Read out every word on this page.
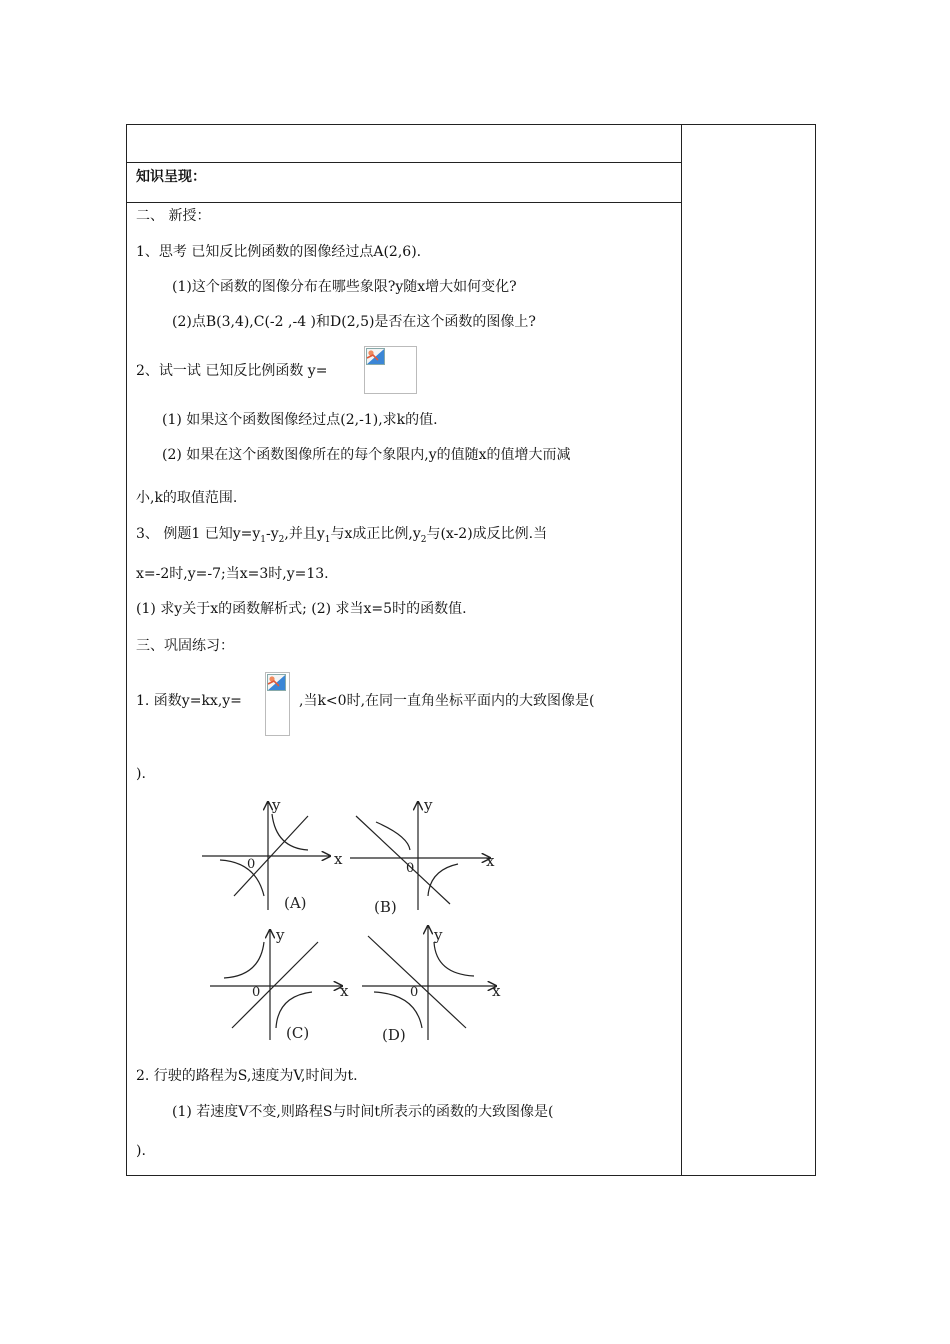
知识呈现：
二、 新授：
1、思考 已知反比例函数的图像经过点A(2,6).
(1)这个函数的图像分布在哪些象限?y随x增大如何变化?
(2)点B(3,4),C(-2 ,-4 )和D(2,5)是否在这个函数的图像上?
2、试一试 已知反比例函数 y=
(1) 如果这个函数图像经过点(2,-1),求k的值.
(2) 如果在这个函数图像所在的每个象限内,y的值随x的值增大而减
小,k的取值范围.
3、 例题1 已知$y=y_1-y_2$,并且$y_1$与x成正比例$,y_2$与(x-2)成反比例.当
x=-2时,y=-7;当x=3时,y=13.
(1) 求y关于x的函数解析式; (2) 求当x=5时的函数值.
三、巩固练习：
1. 函数y=kx,y=	,当k<0时,在同一直角坐标平面内的大致图像是(
).
x
y
0
(A)
x
y
0
(B)
x
y
0
(C)
x
y
0
(D)
2. 行驶的路程为S,速度为V,时间为t.
(1) 若速度V不变,则路程S与时间t所表示的函数的大致图像是(
).
